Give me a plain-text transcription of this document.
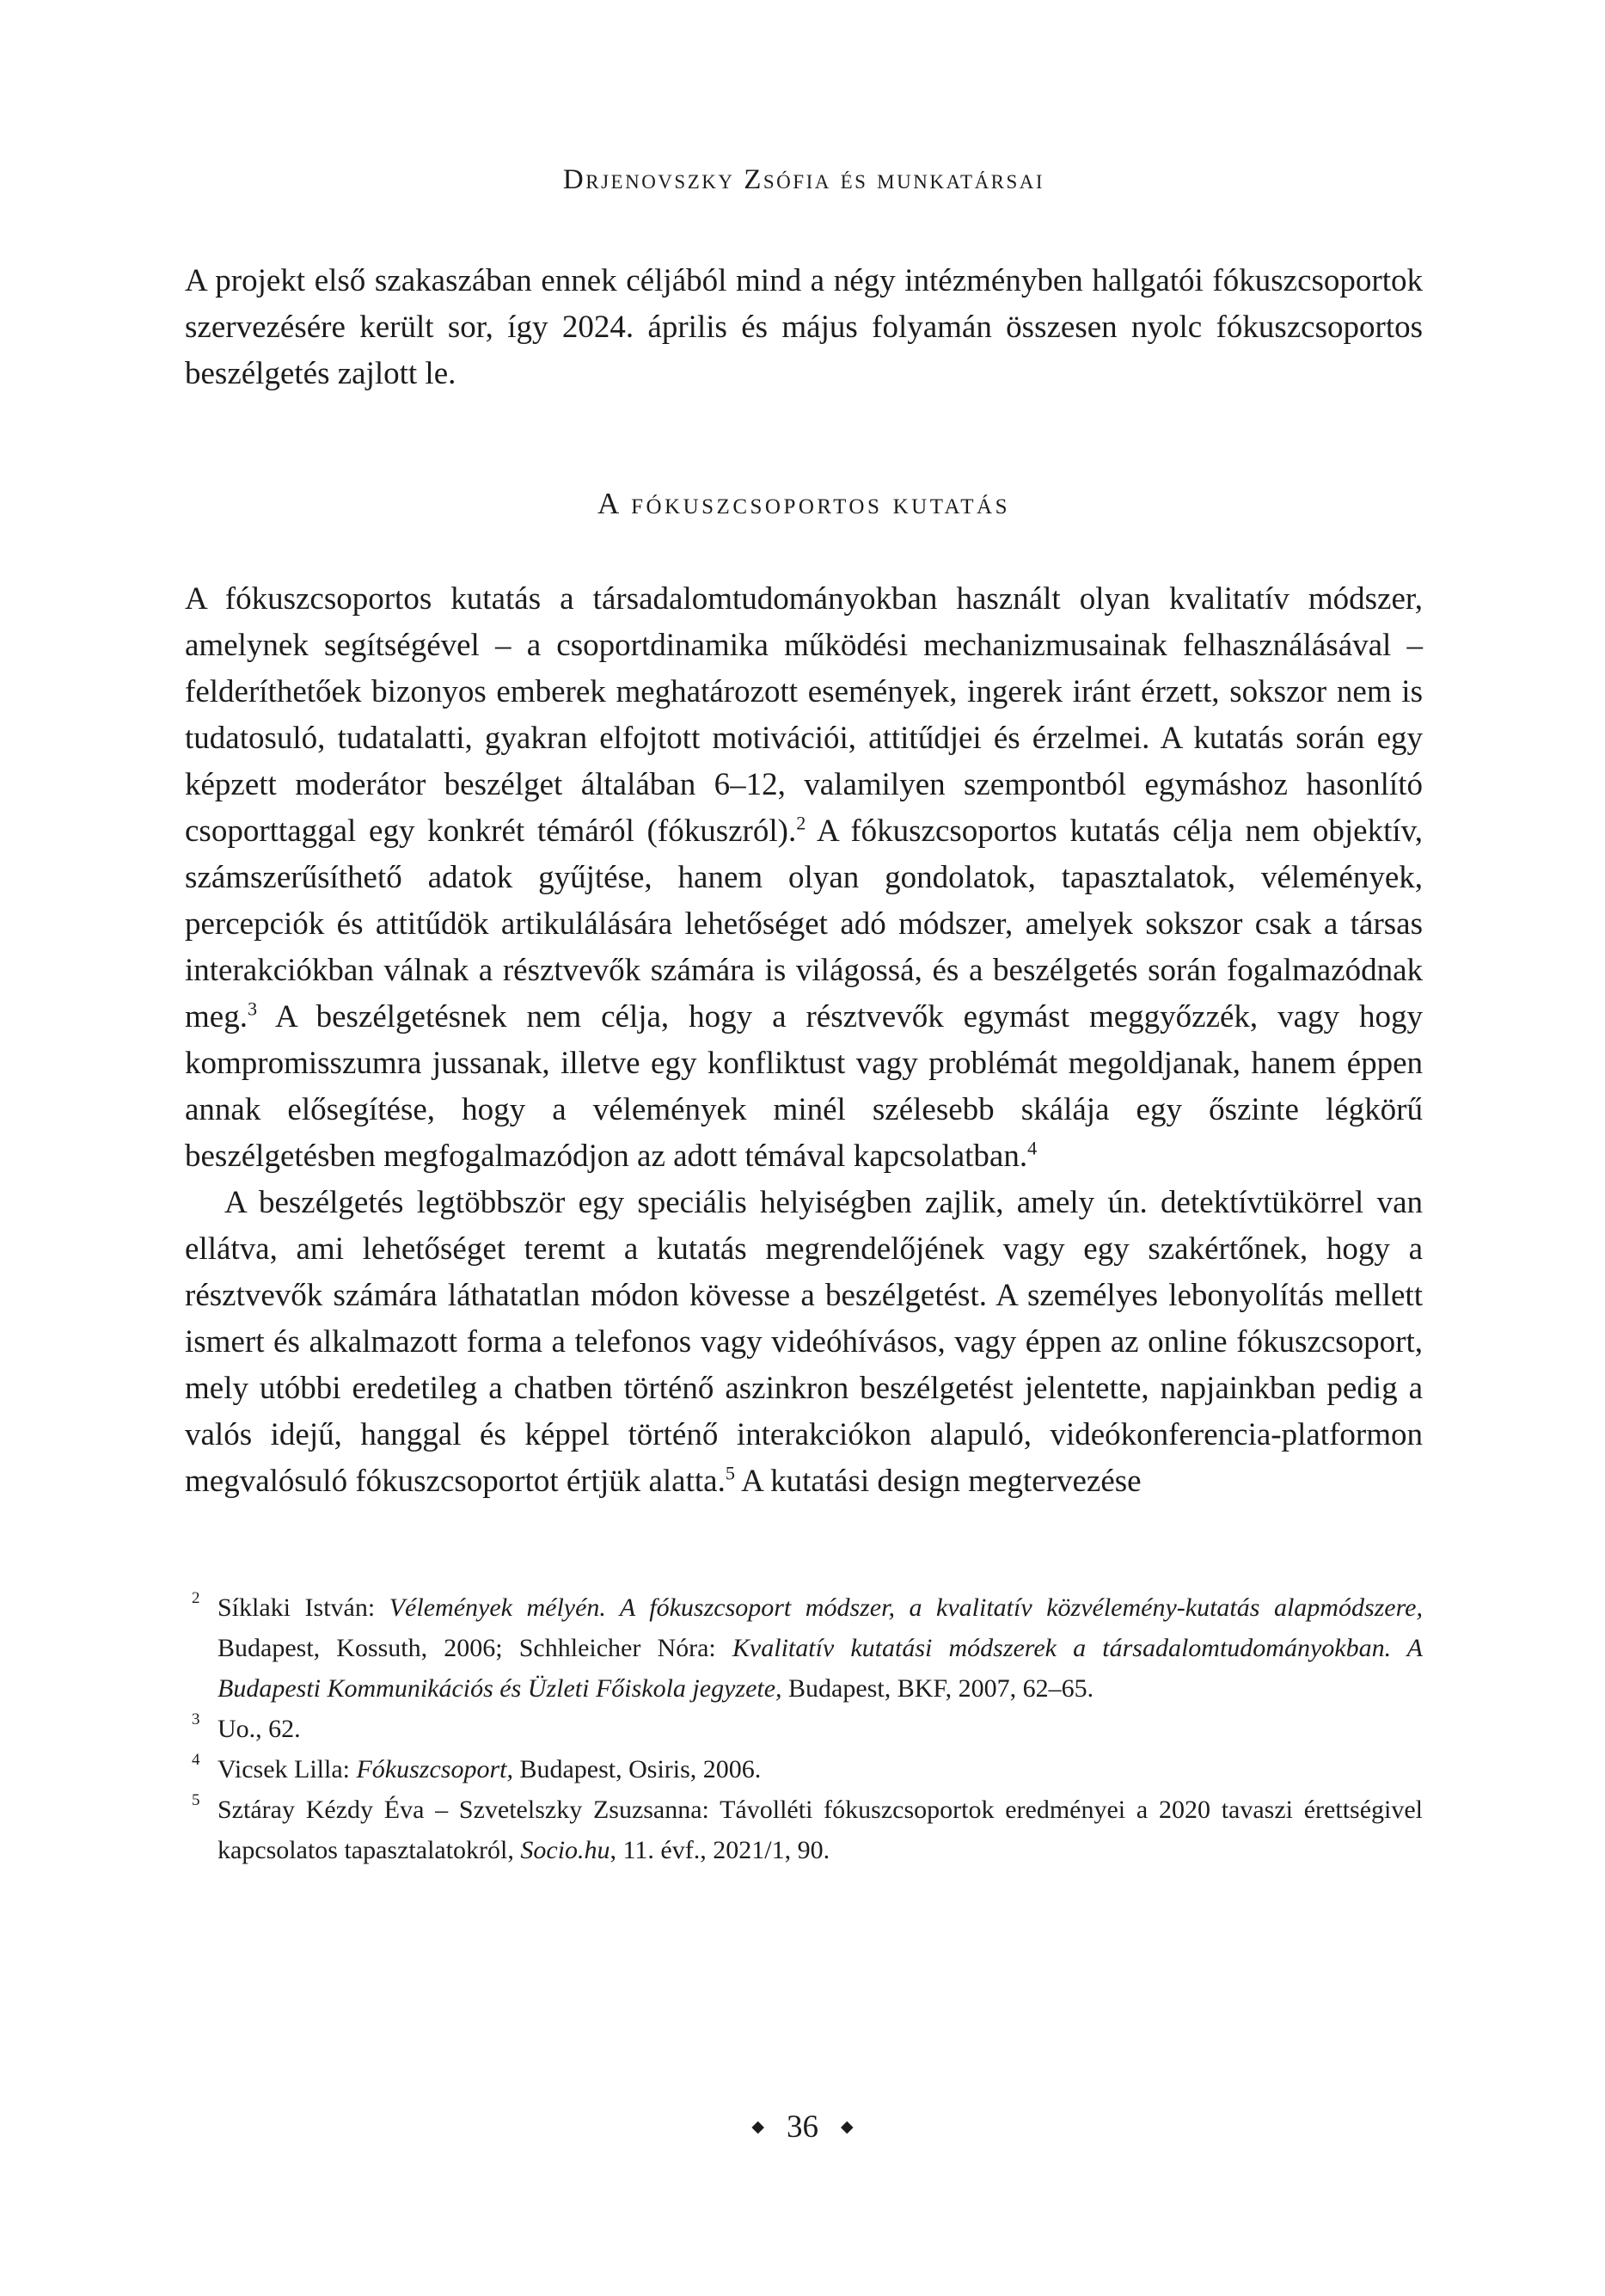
Drjenovszky Zsófia és munkatársai

A projekt első szakaszában ennek céljából mind a négy intézményben hallgatói fókuszcsoportok szervezésére került sor, így 2024. április és május folyamán összesen nyolc fókuszcsoportos beszélgetés zajlott le.

A fókuszcsoportos kutatás

A fókuszcsoportos kutatás a társadalomtudományokban használt olyan kvalitatív módszer, amelynek segítségével – a csoportdinamika működési mechanizmusainak felhasználásával – felderíthetőek bizonyos emberek meghatározott események, ingerek iránt érzett, sokszor nem is tudatosuló, tudatalatti, gyakran elfojtott motivációi, attitűdjei és érzelmei. A kutatás során egy képzett moderátor beszélget általában 6–12, valamilyen szempontból egymáshoz hasonlító csoporttaggal egy konkrét témáról (fókuszról).$^2$ A fókuszcsoportos kutatás célja nem objektív, számszerűsíthető adatok gyűjtése, hanem olyan gondolatok, tapasztalatok, vélemények, percepciók és attitűdök artikulálására lehetőséget adó módszer, amelyek sokszor csak a társas interakciókban válnak a résztvevők számára is világossá, és a beszélgetés során fogalmazódnak meg.$^3$ A beszélgetésnek nem célja, hogy a résztvevők egymást meggyőzzék, vagy hogy kompromisszumra jussanak, illetve egy konfliktust vagy problémát megoldjanak, hanem éppen annak elősegítése, hogy a vélemények minél szélesebb skálája egy őszinte légkörű beszélgetésben megfogalmazódjon az adott témával kapcsolatban.$^4$

A beszélgetés legtöbbször egy speciális helyiségben zajlik, amely ún. detektívtükörrel van ellátva, ami lehetőséget teremt a kutatás megrendelőjének vagy egy szakértőnek, hogy a résztvevők számára láthatatlan módon kövesse a beszélgetést. A személyes lebonyolítás mellett ismert és alkalmazott forma a telefonos vagy videóhívásos, vagy éppen az online fókuszcsoport, mely utóbbi eredetileg a chatben történő aszinkron beszélgetést jelentette, napjainkban pedig a valós idejű, hanggal és képpel történő interakciókon alapuló, videókonferencia-platformon megvalósuló fókuszcsoportot értjük alatta.$^5$ A kutatási design megtervezése

2 Síklaki István: Vélemények mélyén. A fókuszcsoport módszer, a kvalitatív közvélemény-kutatás alapmódszere, Budapest, Kossuth, 2006; Schhleicher Nóra: Kvalitatív kutatási módszerek a társadalomtudományokban. A Budapesti Kommunikációs és Üzleti Főiskola jegyzete, Budapest, BKF, 2007, 62–65.
3 Uo., 62.
4 Vicsek Lilla: Fókuszcsoport, Budapest, Osiris, 2006.
5 Sztáray Kézdy Éva – Szvetelszky Zsuzsanna: Távolléti fókuszcsoportok eredményei a 2020 tavaszi érettségivel kapcsolatos tapasztalatokról, Socio.hu, 11. évf., 2021/1, 90.
◆ 36 ◆
